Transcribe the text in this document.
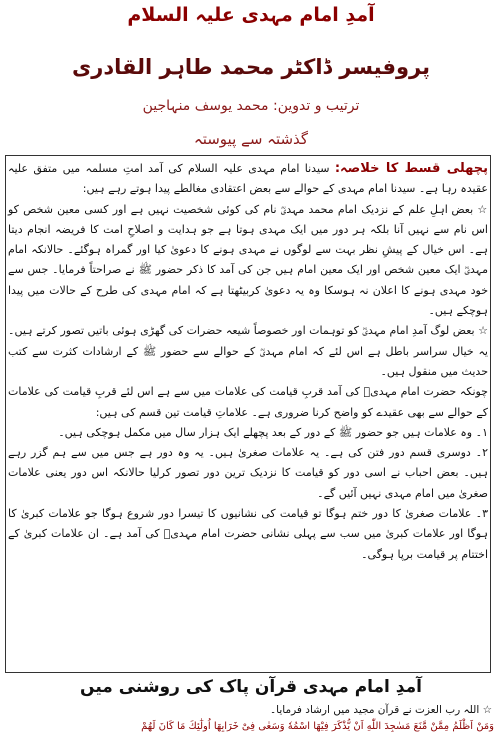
آمدِ امام مہدی علیہ السلام
پروفیسر ڈاکٹر محمد طاہر القادری
ترتیب و تدوین: محمد یوسف منہاجین
گذشتہ سے پیوستہ

پچھلی قسط کا خلاصہ: سیدنا امام مہدی علیہ السلام کی آمد امتِ مسلمہ میں متفق علیہ عقیدہ رہا ہے۔ سیدنا امام مہدی کے حوالے سے بعض اعتقادی مغالطے پیدا ہوتے رہے ہیں:

☆ بعض اہلِ علم کے نزدیک امام محمد مہدیؓ نام کی کوئی شخصیت نہیں ہے اور کسی معین شخص کو اس نام سے نہیں آنا بلکہ ہر دور میں ایک مہدی ہوتا ہے جو ہدایت و اصلاحِ امت کا فریضہ انجام دیتا ہے۔ اس خیال کے پیشِ نظر بہت سے لوگوں نے مہدی ہونے کا دعویٰ کیا اور گمراہ ہوگئے۔ حالانکہ امام مہدیؓ ایک معین شخص اور ایک معین امام ہیں جن کی آمد کا ذکر حضور ﷺ نے صراحتاً فرمایا۔ جس سے خود مہدی ہونے کا اعلان نہ ہوسکا وہ یہ دعویٰ کربیٹھتا ہے کہ امام مہدی کی طرح کے حالات میں پیدا ہوچکے ہیں۔

☆ بعض لوگ آمدِ امام مہدیؓ کو توہمات اور خصوصاً شیعہ حضرات کی گھڑی ہوئی باتیں تصور کرتے ہیں۔ یہ خیال سراسر باطل ہے اس لئے کہ امام مہدیؓ کے حوالے سے حضور ﷺ کے ارشادات کثرت سے کتب حدیث میں منقول ہیں۔

چونکہ حضرت امام مہدیؓ کی آمد قربِ قیامت کی علامات میں سے ہے اس لئے قربِ قیامت کی علامات کے حوالے سے بھی عقیدے کو واضح کرنا ضروری ہے۔ علاماتِ قیامت تین قسم کی ہیں:

۱۔ وہ علامات ہیں جو حضور ﷺ کے دور کے بعد پچھلے ایک ہزار سال میں مکمل ہوچکی ہیں۔

۲۔ دوسری قسم دور فتن کی ہے۔ یہ علامات صغریٰ ہیں۔ یہ وہ دور ہے جس میں سے ہم گزر رہے ہیں۔ بعض احباب نے اسی دور کو قیامت کا نزدیک ترین دور تصور کرلیا حالانکہ اس دور یعنی علامات صغریٰ میں امام مہدی نہیں آئیں گے۔

۳۔ علامات صغریٰ کا دور ختم ہوگا تو قیامت کی نشانیوں کا تیسرا دور شروع ہوگا جو علامات کبریٰ کا ہوگا اور علامات کبریٰ میں سب سے پہلی نشانی حضرت امام مہدیؓ کی آمد ہے۔ ان علامات کبریٰ کے اختتام پر قیامت برپا ہوگی۔

آمدِ امام مہدی قرآن پاک کی روشنی میں
☆ اللہ رب العزت نے قرآن مجید میں ارشاد فرمایا۔
وَمَنْ اَظْلَمُ مِمَّنْ مَّنَعَ مَسٰجِدَ اللّٰهِ اَنْ يُّذْكَرَ فِيْهَا اسْمُهٗ وَسَعٰى فِىْ خَرَابِهَا اُولٰٓئِكَ مَا كَانَ لَهُمْ
